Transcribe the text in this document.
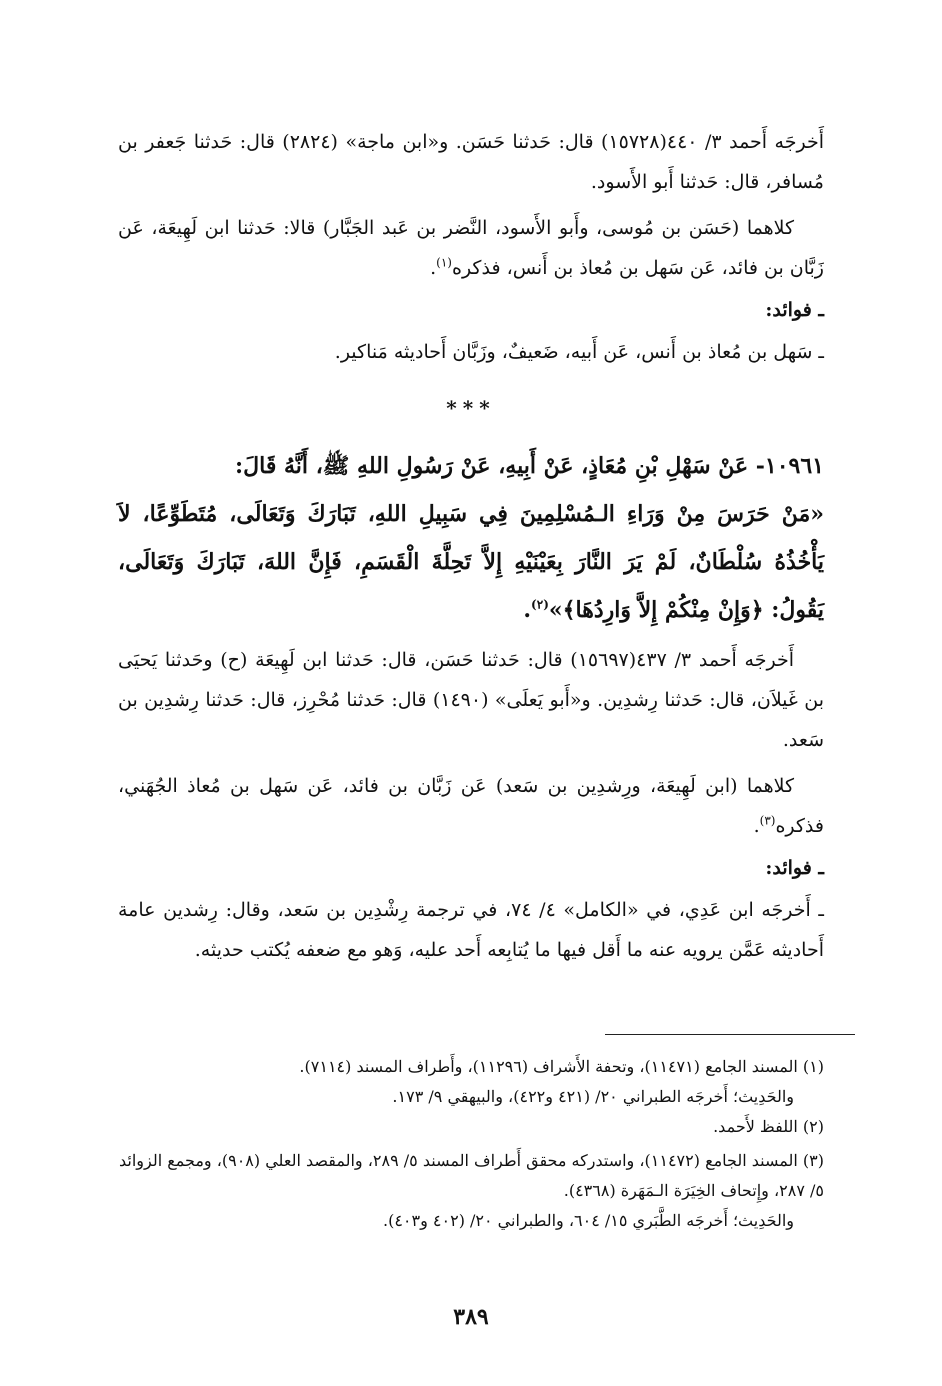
أَخرجَه أَحمد ٣/ ٤٤٠(١٥٧٢٨) قال: حَدثنا حَسَن. و«ابن ماجة» (٢٨٢٤) قال: حَدثنا جَعفر بن مُسافر، قال: حَدثنا أَبو الأَسود.

كلاهما (حَسَن بن مُوسى، وأَبو الأَسود، النَّضر بن عَبد الجَبَّار) قالا: حَدثنا ابن لَهِيعَة، عَن زَبَّان بن فائد، عَن سَهل بن مُعاذ بن أَنس، فذكره$^{(١)}$.

ـ فوائد:

ـ سَهل بن مُعاذ بن أَنس، عَن أَبيه، ضَعيفٌ، وزَبَّان أَحاديثه مَناكير.

***

١٠٩٦١- عَنْ سَهْلِ بْنِ مُعَاذٍ، عَنْ أَبِيهِ، عَنْ رَسُولِ اللهِ ﷺ، أَنَّهُ قَالَ:

«مَنْ حَرَسَ مِنْ وَرَاءِ الـمُسْلِمِينَ فِي سَبِيلِ اللهِ، تَبَارَكَ وَتَعَالَى، مُتَطَوِّعًا، لاَ يَأْخُذُهُ سُلْطَانٌ، لَمْ يَرَ النَّارَ بِعَيْنَيْهِ إِلاَّ تَحِلَّةَ الْقَسَمِ، فَإِنَّ اللهَ، تَبَارَكَ وَتَعَالَى، يَقُولُ: ﴿وَإِنْ مِنْكُمْ إِلاَّ وَارِدُهَا﴾»$^{(٢)}$.

أَخرجَه أَحمد ٣/ ٤٣٧(١٥٦٩٧) قال: حَدثنا حَسَن، قال: حَدثنا ابن لَهِيعَة (ح) وحَدثنا يَحيَى بن غَيلاَن، قال: حَدثنا رِشدِين. و«أَبو يَعلَى» (١٤٩٠) قال: حَدثنا مُحْرِز، قال: حَدثنا رِشدِين بن سَعد.

كلاهما (ابن لَهِيعَة، ورِشدِين بن سَعد) عَن زَبَّان بن فائد، عَن سَهل بن مُعاذ الجُهَني، فذكره$^{(٣)}$.

ـ فوائد:

ـ أَخرجَه ابن عَدِي، في «الكامل» ٤/ ٧٤، في ترجمة رِشْدِين بن سَعد، وقال: رِشدين عامة أَحاديثه عَمَّن يرويه عنه ما أَقل فيها ما يُتابِعه أَحد عليه، وَهو مع ضعفه يُكتب حديثه.

(١) المسند الجامع (١١٤٧١)، وتحفة الأَشراف (١١٢٩٦)، وأَطراف المسند (٧١١٤).

والحَدِيث؛ أَخرجَه الطبراني ٢٠/ (٤٢١ و٤٢٢)، والبيهقي ٩/ ١٧٣.

(٢) اللفظ لأَحمد.

(٣) المسند الجامع (١١٤٧٢)، واستدركه محقق أَطراف المسند ٥/ ٢٨٩، والمقصد العلي (٩٠٨)، ومجمع الزوائد ٥/ ٢٨٧، وإِتحاف الخِيَرَة الـمَهَرة (٤٣٦٨).

والحَدِيث؛ أَخرجَه الطَّبَري ١٥/ ٦٠٤، والطبراني ٢٠/ (٤٠٢ و٤٠٣).

٣٨٩
